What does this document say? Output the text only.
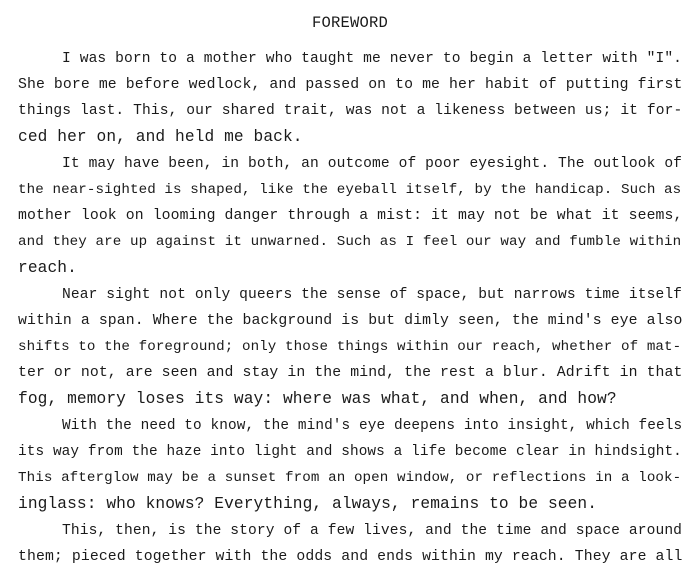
FOREWORD
I was born to a mother who taught me never to begin a letter with "I".
She bore me before wedlock, and passed on to me her habit of putting first
things last. This, our shared trait, was not a likeness between us; it for-
ced her on, and held me back.
It may have been, in both, an outcome of poor eyesight. The outlook of
the near-sighted is shaped, like the eyeball itself, by the handicap. Such as
mother look on looming danger through a mist: it may not be what it seems,
and they are up against it unwarned. Such as I feel our way and fumble within
reach.
Near sight not only queers the sense of space, but narrows time itself
within a span. Where the background is but dimly seen, the mind's eye also
shifts to the foreground; only those things within our reach, whether of mat-
ter or not, are seen and stay in the mind, the rest a blur. Adrift in that
fog, memory loses its way: where was what, and when, and how?
With the need to know, the mind's eye deepens into insight, which feels
its way from the haze into light and shows a life become clear in hindsight.
This afterglow may be a sunset from an open window, or reflections in a look-
inglass: who knows? Everything, always, remains to be seen.
This, then, is the story of a few lives, and the time and space around
them; pieced together with the odds and ends within my reach. They are all
